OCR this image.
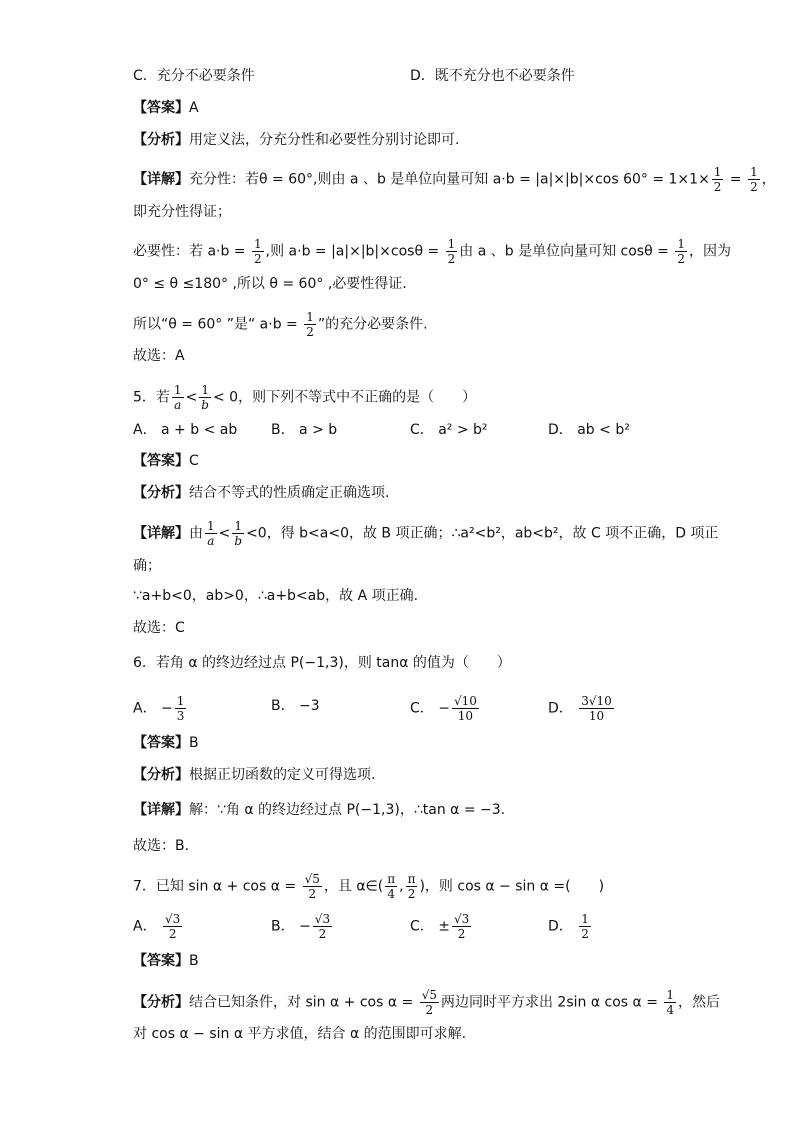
C．充分不必要条件	D．既不充分也不必要条件
【答案】A
【分析】用定义法，分充分性和必要性分别讨论即可.
【详解】充分性：若θ = 60°,则由 a 、b 是单位向量可知 a·b = |a|×|b|×cos $60^\circ = 1\times 1\times \frac{1}{2} = \frac{1}{2}$ ，
即充分性得证；
必要性：若 $a\cdot b = \frac{1}{2}$ ,则 $a\cdot b = |a|\times|b|\times\cos\theta = \frac{1}{2}$ 由 a 、b 是单位向量可知 $\cos\theta = \frac{1}{2}$ ，因为
0° ≤ θ ≤180° ,所以 θ = 60° ,必要性得证.
所以“θ = 60° ”是“ $a\cdot b = \frac{1}{2}$ ”的充分必要条件.
故选：A
5．若 $\frac{1}{a} < \frac{1}{b} < 0$，则下列不等式中不正确的是（　　）
A． a + b < ab B． a > b	C． a² > b²	D． ab < b²
【答案】C
【分析】结合不等式的性质确定正确选项.
【详解】由 $\frac{1}{a} < \frac{1}{b} <0$，得 b<a<0，故 B 项正确；∴a²<b²，ab<b²，故 C 项不正确，D 项正
确；
∵a+b<0，ab>0，∴a+b<ab，故 A 项正确.
故选：C
6．若角 α 的终边经过点 P(−1,3)，则 tanα 的值为（　　）
A． − $\frac{1}{3}$	B． −3	C． − $\frac{√10}{10}$	D． $\frac{3√10}{10}$
【答案】B
【分析】根据正切函数的定义可得选项.
【详解】解：∵角 α 的终边经过点 P(−1,3)，∴tan α = −3.
故选：B.
7．已知 $\sin \alpha + \cos \alpha = \frac{√5}{2}$ ，且 α∈( $\frac{\pi}{4}$ , $\frac{\pi}{2}$ )，则 cos α − sin α =(　　)
A． $\frac{√3}{2}$	B． − $\frac{√3}{2}$	C． ± $\frac{√3}{2}$	D． $\frac{1}{2}$
【答案】B
【分析】结合已知条件，对 $\sin \alpha + \cos \alpha = \frac{√5}{2}$ 两边同时平方求出 2sin α $\cos \alpha = \frac{1}{4}$ ，然后
对 cos α − sin α 平方求值，结合 α 的范围即可求解.
